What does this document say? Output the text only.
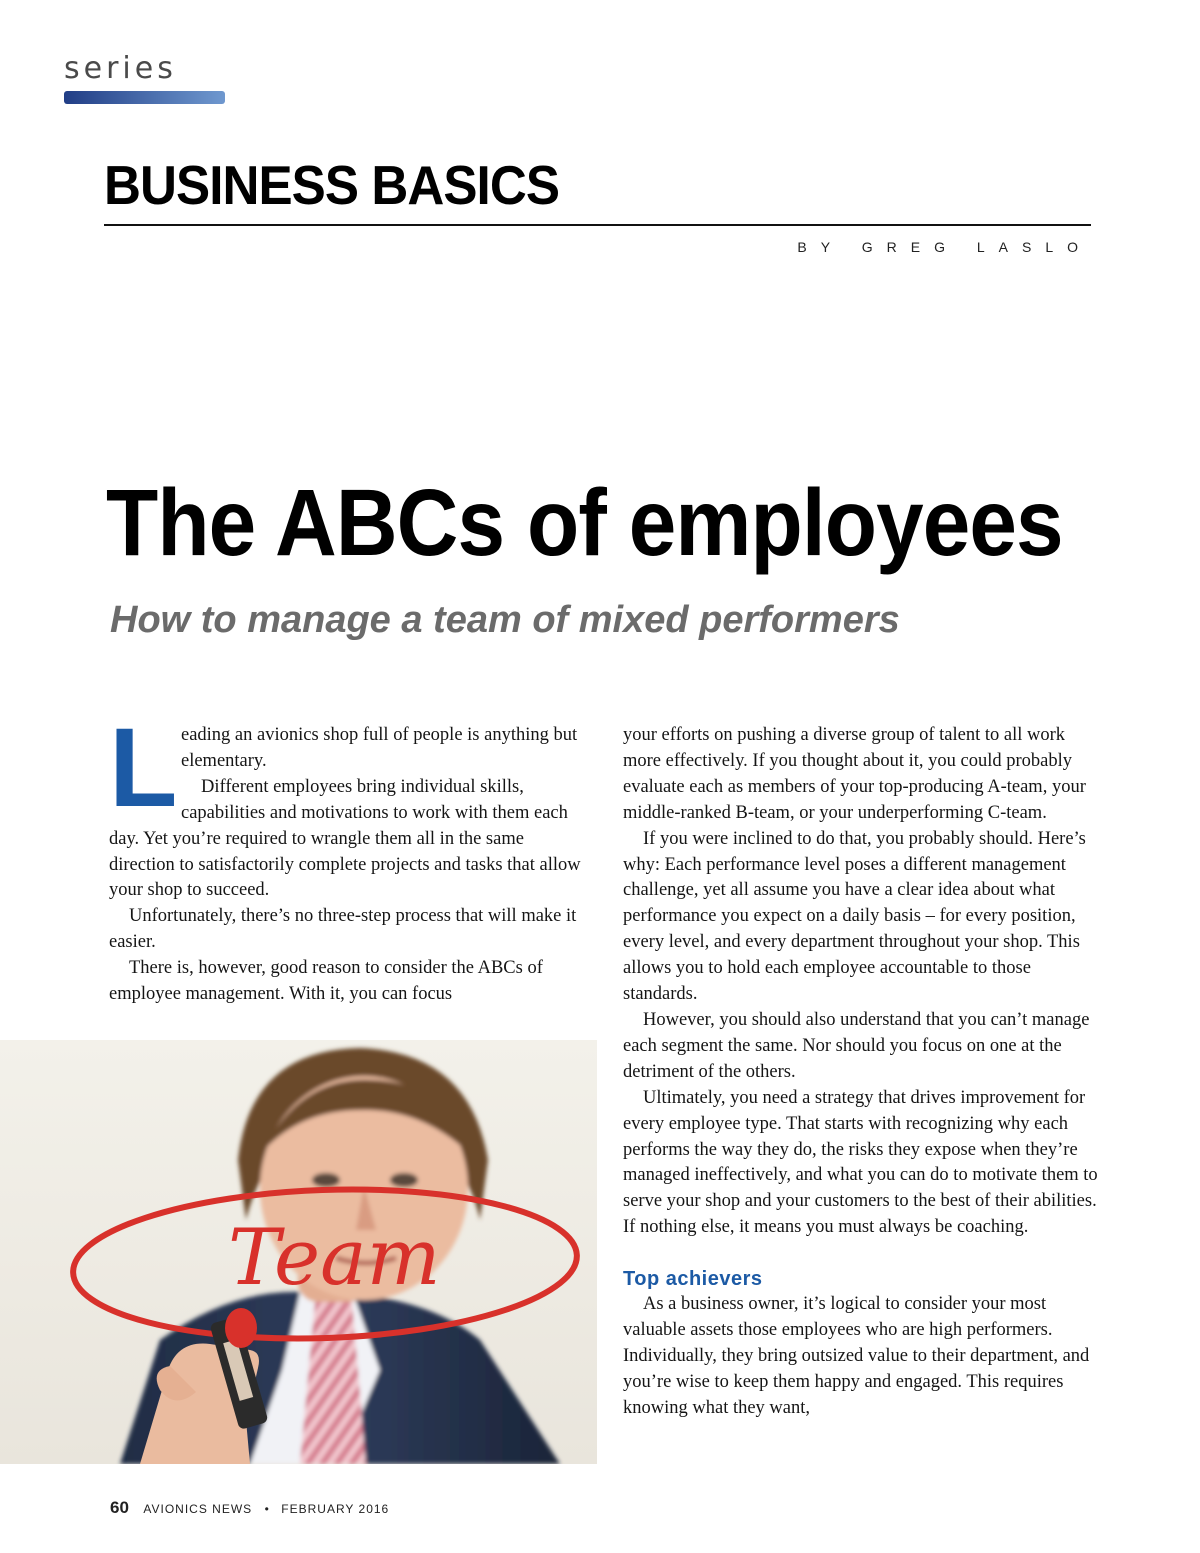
series
BUSINESS BASICS
BY GREG LASLO
The ABCs of employees
How to manage a team of mixed performers
L eading an avionics shop full of people is anything but elementary.

Different employees bring individual skills, capabilities and motivations to work with them each day. Yet you’re required to wrangle them all in the same direction to satisfactorily complete projects and tasks that allow your shop to succeed.

Unfortunately, there’s no three-step process that will make it easier.

There is, however, good reason to consider the ABCs of employee management. With it, you can focus

your efforts on pushing a diverse group of talent to all work more effectively. If you thought about it, you could probably evaluate each as members of your top-producing A-team, your middle-ranked B-team, or your underperforming C-team.

If you were inclined to do that, you probably should. Here’s why: Each performance level poses a different management challenge, yet all assume you have a clear idea about what performance you expect on a daily basis – for every position, every level, and every department throughout your shop. This allows you to hold each employee accountable to those standards.

However, you should also understand that you can’t manage each segment the same. Nor should you focus on one at the detriment of the others.

Ultimately, you need a strategy that drives improvement for every employee type. That starts with recognizing why each performs the way they do, the risks they expose when they’re managed ineffectively, and what you can do to motivate them to serve your shop and your customers to the best of their abilities. If nothing else, it means you must always be coaching.

Top achievers

As a business owner, it’s logical to consider your most valuable assets those employees who are high performers. Individually, they bring outsized value to their department, and you’re wise to keep them happy and engaged. This requires knowing what they want,

Team
60 AVIONICS NEWS • FEBRUARY 2016
